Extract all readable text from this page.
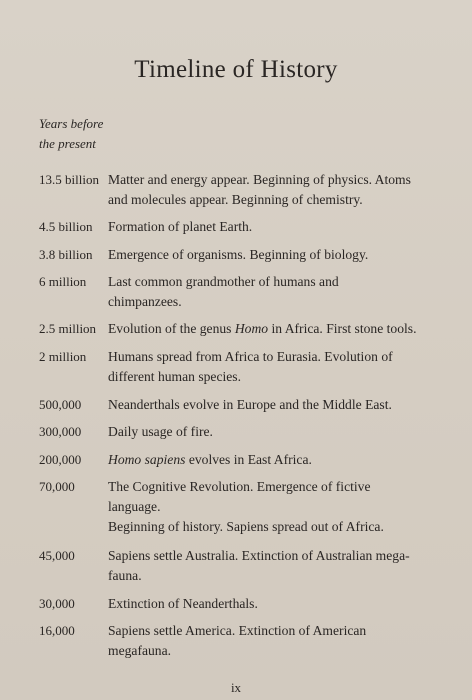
Timeline of History
Years before
the present
13.5 billion Matter and energy appear. Beginning of physics. Atoms
and molecules appear. Beginning of chemistry.
4.5 billion Formation of planet Earth.
3.8 billion Emergence of organisms. Beginning of biology.
6 million Last common grandmother of humans and
chimpanzees.
2.5 million Evolution of the genus Homo in Africa. First stone tools.
2 million Humans spread from Africa to Eurasia. Evolution of
different human species.
500,000 Neanderthals evolve in Europe and the Middle East.
300,000 Daily usage of fire.
200,000 Homo sapiens evolves in East Africa.
70,000 The Cognitive Revolution. Emergence of fictive
language.
Beginning of history. Sapiens spread out of Africa.
45,000 Sapiens settle Australia. Extinction of Australian mega-
fauna.
30,000 Extinction of Neanderthals.
16,000 Sapiens settle America. Extinction of American
megafauna.
ix
